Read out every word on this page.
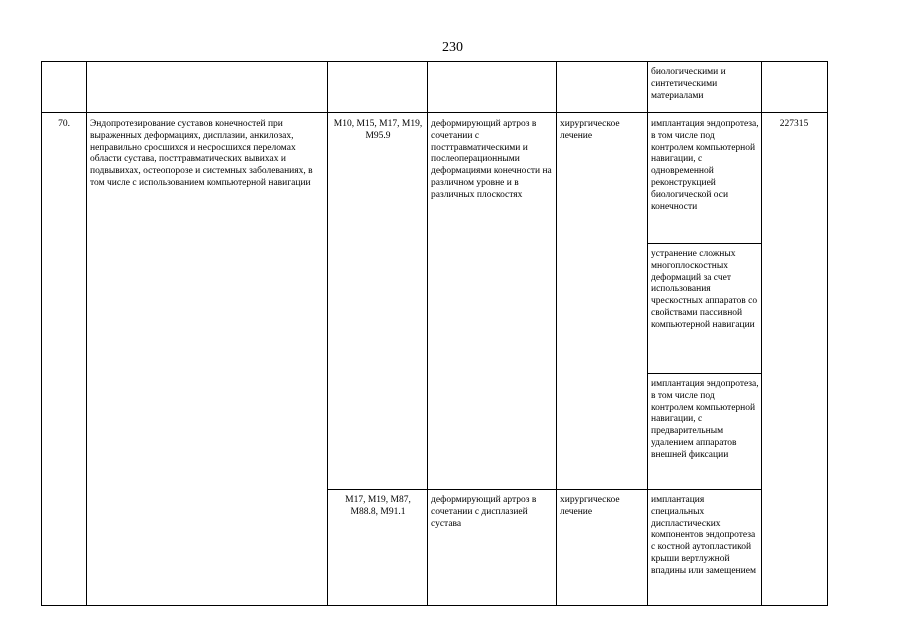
230
биологическими и синтетическими материалами
70.	Эндопротезирование суставов конечностей при выраженных деформациях, дисплазии, анкилозах, неправильно сросшихся и несросшихся переломах области сустава, посттравматических вывихах и подвывихах, остеопорозе и системных заболеваниях, в том числе с использованием компьютерной навигации
227315
M10, M15, M17, M19, M95.9
деформирующий артроз в сочетании с посттравматическими и послеоперационными деформациями конечности на различном уровне и в различных плоскостях
хирургическое лечение
имплантация эндопротеза, в том числе под контролем компьютерной навигации, с одновременной реконструкцией биологической оси конечности
устранение сложных многоплоскостных деформаций за счет использования чрескостных аппаратов со свойствами пассивной компьютерной навигации
имплантация эндопротеза, в том числе под контролем компьютерной навигации, с предварительным удалением аппаратов внешней фиксации
M17, M19, M87, M88.8, M91.1
деформирующий артроз в сочетании с дисплазией сустава
хирургическое лечение
имплантация специальных диспластических компонентов эндопротеза с костной аутопластикой крыши вертлужной впадины или замещением
